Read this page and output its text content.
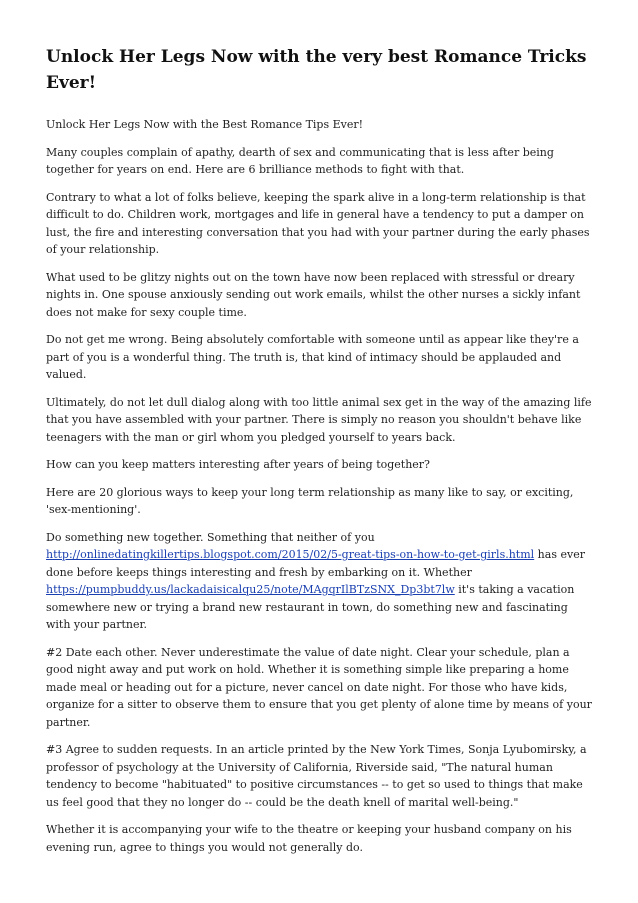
Unlock Her Legs Now with the very best Romance Tricks Ever!

Unlock Her Legs Now with the Best Romance Tips Ever!

Many couples complain of apathy, dearth of sex and communicating that is less after being together for years on end. Here are 6 brilliance methods to fight with that.

Contrary to what a lot of folks believe, keeping the spark alive in a long-term relationship is that difficult to do. Children work, mortgages and life in general have a tendency to put a damper on lust, the fire and interesting conversation that you had with your partner during the early phases of your relationship.

What used to be glitzy nights out on the town have now been replaced with stressful or dreary nights in. One spouse anxiously sending out work emails, whilst the other nurses a sickly infant does not make for sexy couple time.

Do not get me wrong. Being absolutely comfortable with someone until as appear like they're a part of you is a wonderful thing. The truth is, that kind of intimacy should be applauded and valued.

Ultimately, do not let dull dialog along with too little animal sex get in the way of the amazing life that you have assembled with your partner. There is simply no reason you shouldn't behave like teenagers with the man or girl whom you pledged yourself to years back.

How can you keep matters interesting after years of being together?

Here are 20 glorious ways to keep your long term relationship as many like to say, or exciting, 'sex-mentioning'.

Do something new together. Something that neither of you http://onlinedatingkillertips.blogspot.com/2015/02/5-great-tips-on-how-to-get-girls.html has ever done before keeps things interesting and fresh by embarking on it. Whether https://pumpbuddy.us/lackadaisicalqu25/note/MAgqrIlBTzSNX_Dp3bt7lw it's taking a vacation somewhere new or trying a brand new restaurant in town, do something new and fascinating with your partner.

#2 Date each other. Never underestimate the value of date night. Clear your schedule, plan a good night away and put work on hold. Whether it is something simple like preparing a home made meal or heading out for a picture, never cancel on date night. For those who have kids, organize for a sitter to observe them to ensure that you get plenty of alone time by means of your partner.

#3 Agree to sudden requests. In an article printed by the New York Times, Sonja Lyubomirsky, a professor of psychology at the University of California, Riverside said, "The natural human tendency to become "habituated" to positive circumstances -- to get so used to things that make us feel good that they no longer do -- could be the death knell of marital well-being."

Whether it is accompanying your wife to the theatre or keeping your husband company on his evening run, agree to things you would not generally do.
